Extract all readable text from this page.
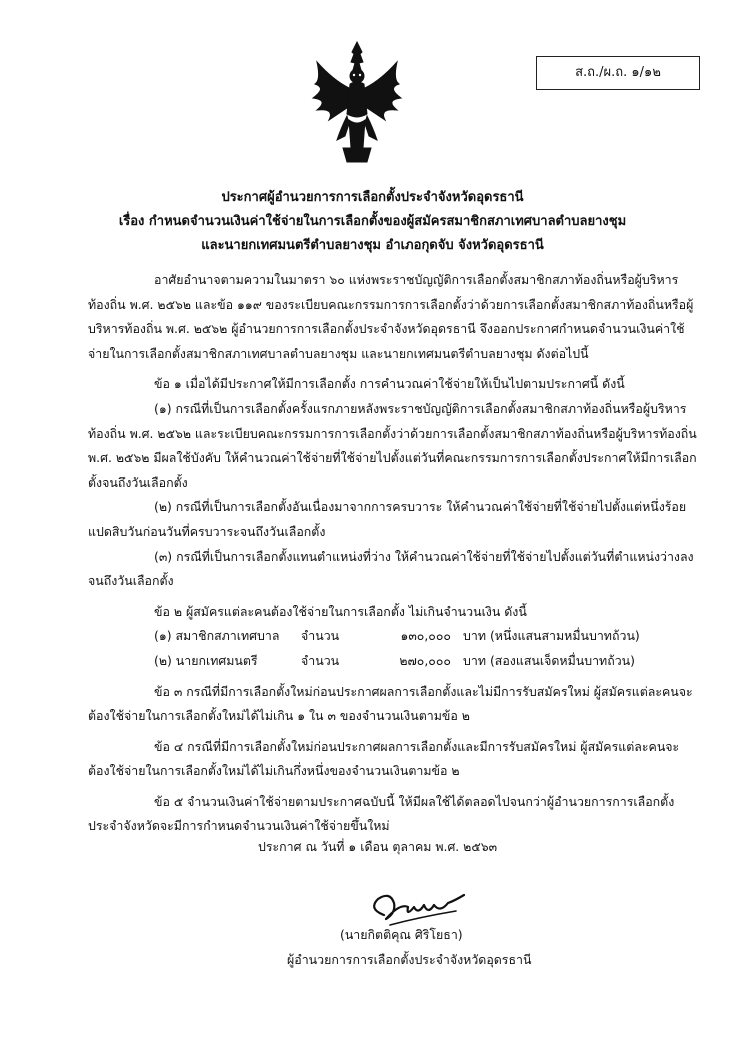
ส.ถ./ผ.ถ. ๑/๑๒
ประกาศผู้อำนวยการการเลือกตั้งประจำจังหวัดอุดรธานี
เรื่อง กำหนดจำนวนเงินค่าใช้จ่ายในการเลือกตั้งของผู้สมัครสมาชิกสภาเทศบาลตำบลยางชุม
และนายกเทศมนตรีตำบลยางชุม อำเภอกุดจับ จังหวัดอุดรธานี

อาศัยอำนาจตามความในมาตรา ๖๐ แห่งพระราชบัญญัติการเลือกตั้งสมาชิกสภาท้องถิ่นหรือผู้บริหารท้องถิ่น พ.ศ. ๒๕๖๒ และข้อ ๑๑๙ ของระเบียบคณะกรรมการการเลือกตั้งว่าด้วยการเลือกตั้งสมาชิกสภาท้องถิ่นหรือผู้บริหารท้องถิ่น พ.ศ. ๒๕๖๒ ผู้อำนวยการการเลือกตั้งประจำจังหวัดอุดรธานี จึงออกประกาศกำหนดจำนวนเงินค่าใช้จ่ายในการเลือกตั้งสมาชิกสภาเทศบาลตำบลยางชุม และนายกเทศมนตรีตำบลยางชุม ดังต่อไปนี้

ข้อ ๑ เมื่อได้มีประกาศให้มีการเลือกตั้ง การคำนวณค่าใช้จ่ายให้เป็นไปตามประกาศนี้ ดังนี้

(๑) กรณีที่เป็นการเลือกตั้งครั้งแรกภายหลังพระราชบัญญัติการเลือกตั้งสมาชิกสภาท้องถิ่นหรือผู้บริหารท้องถิ่น พ.ศ. ๒๕๖๒ และระเบียบคณะกรรมการการเลือกตั้งว่าด้วยการเลือกตั้งสมาชิกสภาท้องถิ่นหรือผู้บริหารท้องถิ่น พ.ศ. ๒๕๖๒ มีผลใช้บังคับ ให้คำนวณค่าใช้จ่ายที่ใช้จ่ายไปตั้งแต่วันที่คณะกรรมการการเลือกตั้งประกาศให้มีการเลือกตั้งจนถึงวันเลือกตั้ง

(๒) กรณีที่เป็นการเลือกตั้งอันเนื่องมาจากการครบวาระ ให้คำนวณค่าใช้จ่ายที่ใช้จ่ายไปตั้งแต่หนึ่งร้อยแปดสิบวันก่อนวันที่ครบวาระจนถึงวันเลือกตั้ง

(๓) กรณีที่เป็นการเลือกตั้งแทนตำแหน่งที่ว่าง ให้คำนวณค่าใช้จ่ายที่ใช้จ่ายไปตั้งแต่วันที่ตำแหน่งว่างลงจนถึงวันเลือกตั้ง

ข้อ ๒ ผู้สมัครแต่ละคนต้องใช้จ่ายในการเลือกตั้ง ไม่เกินจำนวนเงิน ดังนี้

(๑) สมาชิกสภาเทศบาล	จำนวน	๑๓๐,๐๐๐ บาท
(หนึ่งแสนสามหมื่นบาทถ้วน)
(๒) นายกเทศมนตรี	จำนวน	๒๗๐,๐๐๐ บาท
(สองแสนเจ็ดหมื่นบาทถ้วน)

ข้อ ๓ กรณีที่มีการเลือกตั้งใหม่ก่อนประกาศผลการเลือกตั้งและไม่มีการรับสมัครใหม่ ผู้สมัครแต่ละคนจะต้องใช้จ่ายในการเลือกตั้งใหม่ได้ไม่เกิน ๑ ใน ๓ ของจำนวนเงินตามข้อ ๒

ข้อ ๔ กรณีที่มีการเลือกตั้งใหม่ก่อนประกาศผลการเลือกตั้งและมีการรับสมัครใหม่ ผู้สมัครแต่ละคนจะต้องใช้จ่ายในการเลือกตั้งใหม่ได้ไม่เกินกึ่งหนึ่งของจำนวนเงินตามข้อ ๒

ข้อ ๕ จำนวนเงินค่าใช้จ่ายตามประกาศฉบับนี้ ให้มีผลใช้ได้ตลอดไปจนกว่าผู้อำนวยการการเลือกตั้งประจำจังหวัดจะมีการกำหนดจำนวนเงินค่าใช้จ่ายขึ้นใหม่

ประกาศ ณ วันที่ ๑ เดือน ตุลาคม พ.ศ. ๒๕๖๓
(นายกิตติคุณ ศิริโยธา)
ผู้อำนวยการการเลือกตั้งประจำจังหวัดอุดรธานี
